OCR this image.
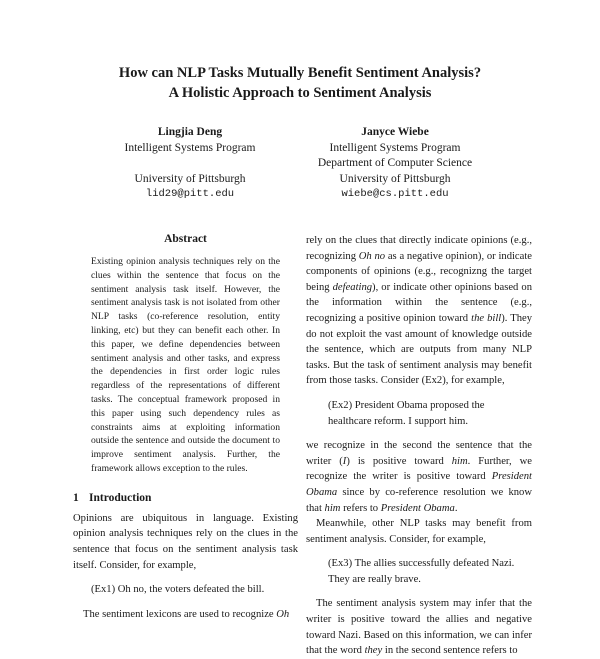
How can NLP Tasks Mutually Benefit Sentiment Analysis?
A Holistic Approach to Sentiment Analysis
Lingjia Deng
Intelligent Systems Program
University of Pittsburgh
lid29@pitt.edu
Janyce Wiebe
Intelligent Systems Program
Department of Computer Science
University of Pittsburgh
wiebe@cs.pitt.edu
Abstract

Existing opinion analysis techniques rely on the clues within the sentence that focus on the sentiment analysis task itself. However, the sentiment analysis task is not isolated from other NLP tasks (co-reference resolution, entity linking, etc) but they can benefit each other. In this paper, we define dependencies between sentiment analysis and other tasks, and express the dependencies in first order logic rules regardless of the representations of different tasks. The conceptual framework proposed in this paper using such dependency rules as constraints aims at exploiting information outside the sentence and outside the document to improve sentiment analysis. Further, the framework allows exception to the rules.

1 Introduction

Opinions are ubiquitous in language. Existing opinion analysis techniques rely on the clues in the sentence that focus on the sentiment analysis task itself. Consider, for example,

(Ex1) Oh no, the voters defeated the bill.

The sentiment lexicons are used to recognize Oh

rely on the clues that directly indicate opinions (e.g., recognizing Oh no as a negative opinion), or indicate components of opinions (e.g., recognizng the target being defeating), or indicate other opinions based on the information within the sentence (e.g., recognizing a positive opinion toward the bill). They do not exploit the vast amount of knowledge outside the sentence, which are outputs from many NLP tasks. But the task of sentiment analysis may benefit from those tasks. Consider (Ex2), for example,

(Ex2) President Obama proposed the healthcare reform. I support him.

we recognize in the second the sentence that the writer (I) is positive toward him. Further, we recognize the writer is positive toward President Obama since by co-reference resolution we know that him refers to President Obama.

Meanwhile, other NLP tasks may benefit from sentiment analysis. Consider, for example,

(Ex3) The allies successfully defeated Nazi. They are really brave.

The sentiment analysis system may infer that the writer is positive toward the allies and negative toward Nazi. Based on this information, we can infer that the word they in the second sentence refers to
